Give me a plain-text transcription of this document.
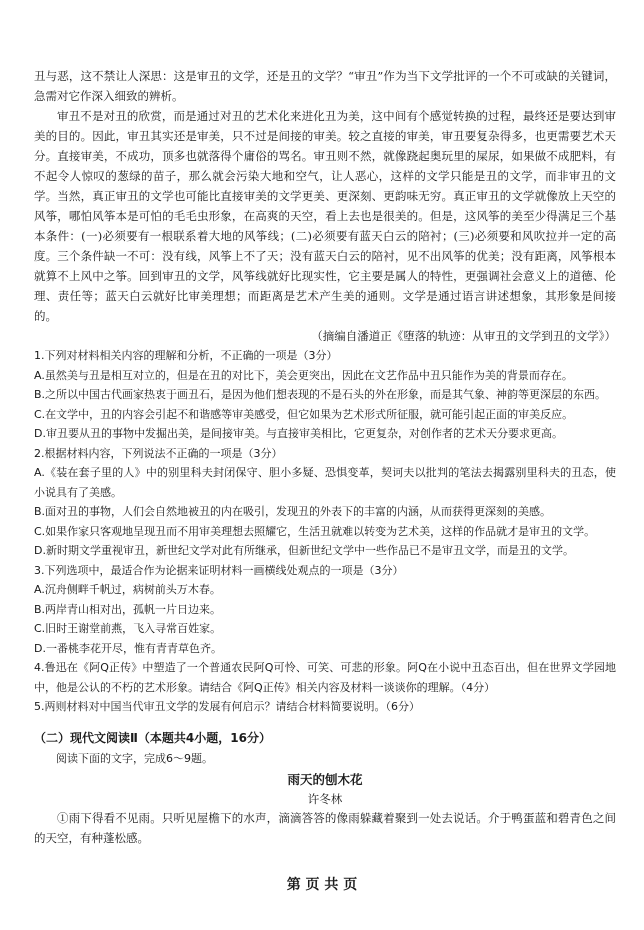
丑与恶，这不禁让人深思：这是审丑的文学，还是丑的文学？“审丑”作为当下文学批评的一个不可或缺的关键词，急需对它作深入细致的辨析。

审丑不是对丑的欣赏，而是通过对丑的艺术化来进化丑为美，这中间有个感觉转换的过程，最终还是要达到审美的目的。因此，审丑其实还是审美，只不过是间接的审美。较之直接的审美，审丑要复杂得多，也更需要艺术天分。直接审美，不成功，顶多也就落得个庸俗的骂名。审丑则不然，就像跷起奥玩里的屎尿，如果做不成肥料，有不起令人惊叹的葱绿的苗子，那么就会污染大地和空气，让人恶心，这样的文学只能是丑的文学，而非审丑的文学。当然，真正审丑的文学也可能比直接审美的文学更美、更深刻、更韵味无穷。真正审丑的文学就像放上天空的风筝，哪怕风筝本是可怕的毛毛虫形象，在高爽的天空，看上去也是很美的。但是，这风筝的美至少得满足三个基本条件：(一)必须要有一根联系着大地的风筝线；(二)必须要有蓝天白云的陪衬；(三)必须要和风吹拉并一定的高度。三个条件缺一不可：没有线，风筝上不了天；没有蓝天白云的陪衬，见不出风筝的优美；没有距离，风筝根本就算不上风中之筝。回到审丑的文学，风筝线就好比现实性，它主要是属人的特性，更强调社会意义上的道德、伦理、责任等；蓝天白云就好比审美理想；而距离是艺术产生美的通则。文学是通过语言讲述想象，其形象是间接的。

（摘编自潘道正《堕落的轨迹：从审丑的文学到丑的文学》）

1.下列对材料相关内容的理解和分析，不正确的一项是（3分）

A.虽然美与丑是相互对立的，但是在丑的对比下，美会更突出，因此在文艺作品中丑只能作为美的背景而存在。

B.之所以中国古代画家热衷于画丑石，是因为他们想表现的不是石头的外在形象，而是其气象、神韵等更深层的东西。

C.在文学中，丑的内容会引起不和谐感等审美感受，但它如果为艺术形式所征服，就可能引起正面的审美反应。

D.审丑要从丑的事物中发掘出美，是间接审美。与直接审美相比，它更复杂，对创作者的艺术天分要求更高。

2.根据材料内容，下列说法不正确的一项是（3分）

A.《装在套子里的人》中的别里科夫封闭保守、胆小多疑、恐惧变革，契诃夫以批判的笔法去揭露别里科夫的丑态，使小说具有了美感。

B.面对丑的事物，人们会自然地被丑的内在吸引，发现丑的外表下的丰富的内涵，从而获得更深刻的美感。

C.如果作家只客观地呈现丑而不用审美理想去照耀它，生活丑就难以转变为艺术美，这样的作品就才是审丑的文学。

D.新时期文学重视审丑，新世纪文学对此有所继承，但新世纪文学中一些作品已不是审丑文学，而是丑的文学。

3.下列选项中，最适合作为论据来证明材料一画横线处观点的一项是（3分）

A.沉舟侧畔千帆过，病树前头万木春。

B.两岸青山相对出，孤帆一片日边来。

C.旧时王谢堂前燕，飞入寻常百姓家。

D.一番桃李花开尽，惟有青青草色齐。

4.鲁迅在《阿Q正传》中塑造了一个普通农民阿Q可怜、可笑、可悲的形象。阿Q在小说中丑态百出，但在世界文学园地中，他是公认的不朽的艺术形象。请结合《阿Q正传》相关内容及材料一谈谈你的理解。（4分）

5.两则材料对中国当代审丑文学的发展有何启示？请结合材料简要说明。（6分）

（二）现代文阅读Ⅱ（本题共4小题，16分）

阅读下面的文字，完成6～9题。

雨天的刨木花

许冬林

①雨下得看不见雨。只听见屋檐下的水声，滴滴答答的像雨躲藏着聚到一处去说话。介于鸭蛋蓝和碧青色之间的天空，有种蓬松感。

第 页 共 页
